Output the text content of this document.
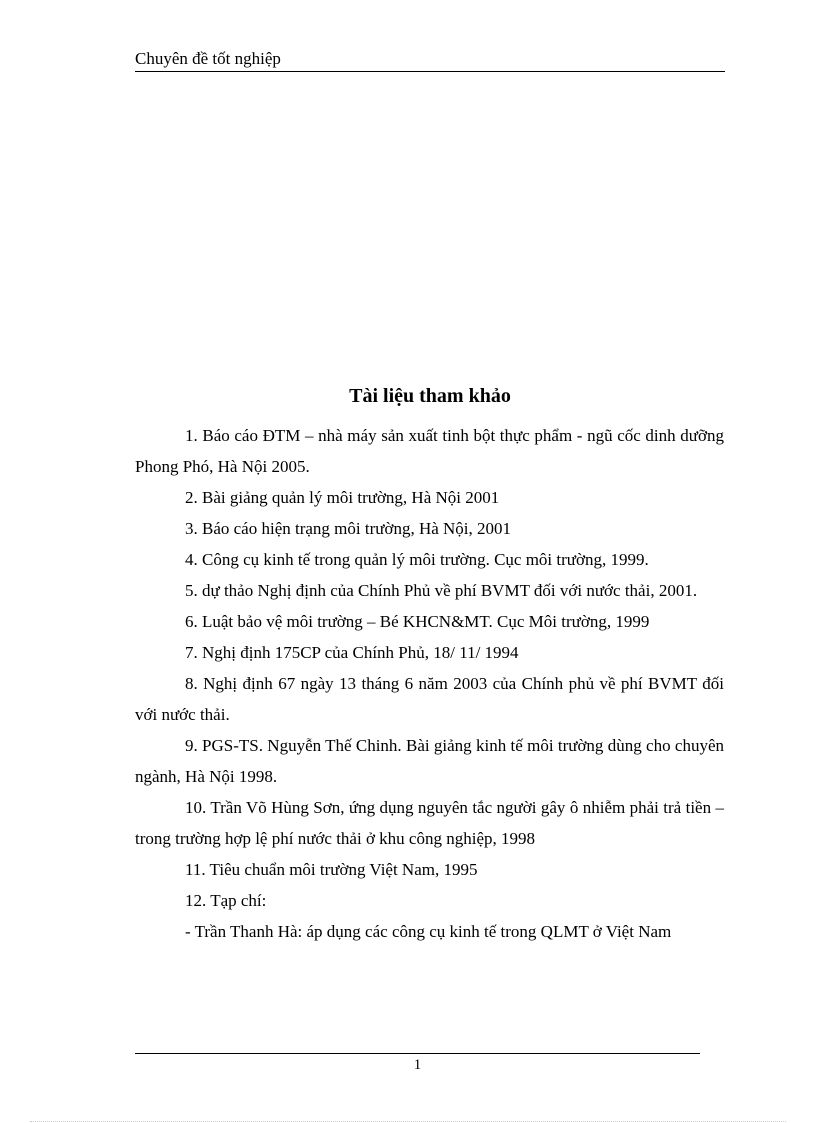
Chuyên đề tốt nghiệp
Tài liệu tham khảo

1. Báo cáo ĐTM – nhà máy sản xuất tinh bột thực phẩm - ngũ cốc dinh dưỡng Phong Phó, Hà Nội 2005.

2. Bài giảng quản lý môi trường, Hà Nội 2001

3. Báo cáo hiện trạng môi trường, Hà Nội, 2001

4. Công cụ kinh tế trong quản lý môi trường. Cục môi trường, 1999.

5. dự thảo Nghị định của Chính Phủ về phí BVMT đối với nước thải, 2001.

6. Luật bảo vệ môi trường – Bé KHCN&MT. Cục Môi trường, 1999

7. Nghị định 175CP của Chính Phủ, 18/ 11/ 1994

8. Nghị định 67 ngày 13 tháng 6 năm 2003 của Chính phủ về phí BVMT đối với nước thải.

9. PGS-TS. Nguyễn Thế Chinh. Bài giảng kinh tế môi trường dùng cho chuyên ngành, Hà Nội 1998.

10. Trần Võ Hùng Sơn, ứng dụng nguyên tắc người gây ô nhiễm phải trả tiền – trong trường hợp lệ phí nước thải ở khu công nghiệp, 1998

11. Tiêu chuẩn môi trường Việt Nam, 1995

12. Tạp chí:

- Trần Thanh Hà: áp dụng các công cụ kinh tế trong QLMT ở Việt Nam

1
